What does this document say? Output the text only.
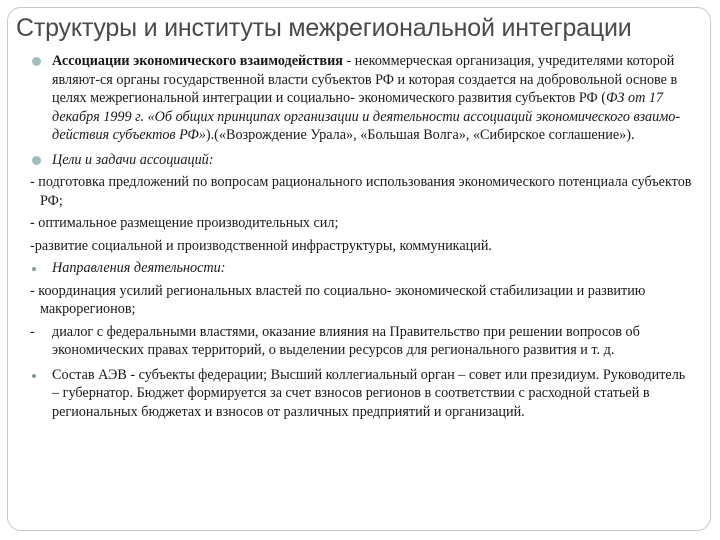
Структуры и институты межрегиональной интеграции

Ассоциации экономического взаимодействия - некоммерческая организация, учредителями которой являют-ся органы государственной власти субъектов РФ и которая создается на добровольной основе в целях межрегиональной интеграции и социально- экономического развития субъектов РФ (ФЗ от 17 декабря 1999 г. «Об общих принципах организации и деятельности ассоциаций экономического взаимо-действия субъектов РФ»).(«Возрождение Урала», «Большая Волга», «Сибирское соглашение»).

Цели и задачи ассоциаций:

- подготовка предложений по вопросам рационального использования экономического потенциала субъектов РФ;

- оптимальное размещение производительных сил;

-развитие социальной и производственной инфраструктуры, коммуникаций.

Направления деятельности:

- координация усилий региональных властей по социально- экономической стабилизации и развитию макрорегионов;

- диалог с федеральными властями, оказание влияния на Правительство при решении вопросов об экономических правах территорий, о выделении ресурсов для регионального развития и т. д.

Состав АЭВ - субъекты федерации; Высший коллегиальный орган – совет или президиум. Руководитель – губернатор. Бюджет формируется за счет взносов регионов в соответствии с расходной статьей в региональных бюджетах и взносов от различных предприятий и организаций.
